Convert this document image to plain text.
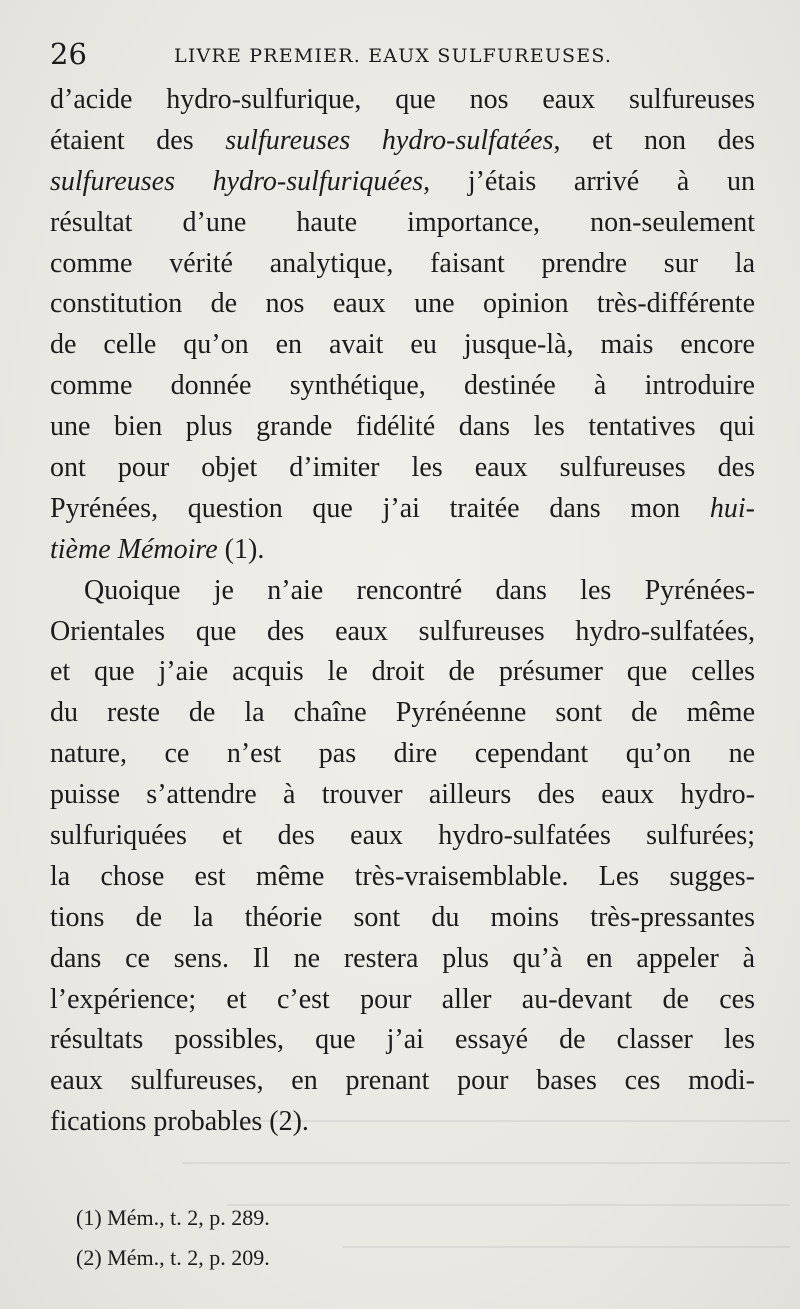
26	LIVRE PREMIER. EAUX SULFUREUSES.
d’acide hydro-sulfurique, que nos eaux sulfureuses
étaient des sulfureuses hydro-sulfatées, et non des
sulfureuses hydro-sulfuriquées, j’étais arrivé à un
résultat d’une haute importance, non-seulement
comme vérité analytique, faisant prendre sur la
constitution de nos eaux une opinion très-différente
de celle qu’on en avait eu jusque-là, mais encore
comme donnée synthétique, destinée à introduire
une bien plus grande fidélité dans les tentatives qui
ont pour objet d’imiter les eaux sulfureuses des
Pyrénées, question que j’ai traitée dans mon hui-
tième Mémoire (1).
Quoique je n’aie rencontré dans les Pyrénées-
Orientales que des eaux sulfureuses hydro-sulfatées,
et que j’aie acquis le droit de présumer que celles
du reste de la chaîne Pyrénéenne sont de même
nature, ce n’est pas dire cependant qu’on ne
puisse s’attendre à trouver ailleurs des eaux hydro-
sulfuriquées et des eaux hydro-sulfatées sulfurées;
la chose est même très-vraisemblable. Les sugges-
tions de la théorie sont du moins très-pressantes
dans ce sens. Il ne restera plus qu’à en appeler à
l’expérience; et c’est pour aller au-devant de ces
résultats possibles, que j’ai essayé de classer les
eaux sulfureuses, en prenant pour bases ces modi-
fications probables (2).
(1) Mém., t. 2, p. 289.
(2) Mém., t. 2, p. 209.
